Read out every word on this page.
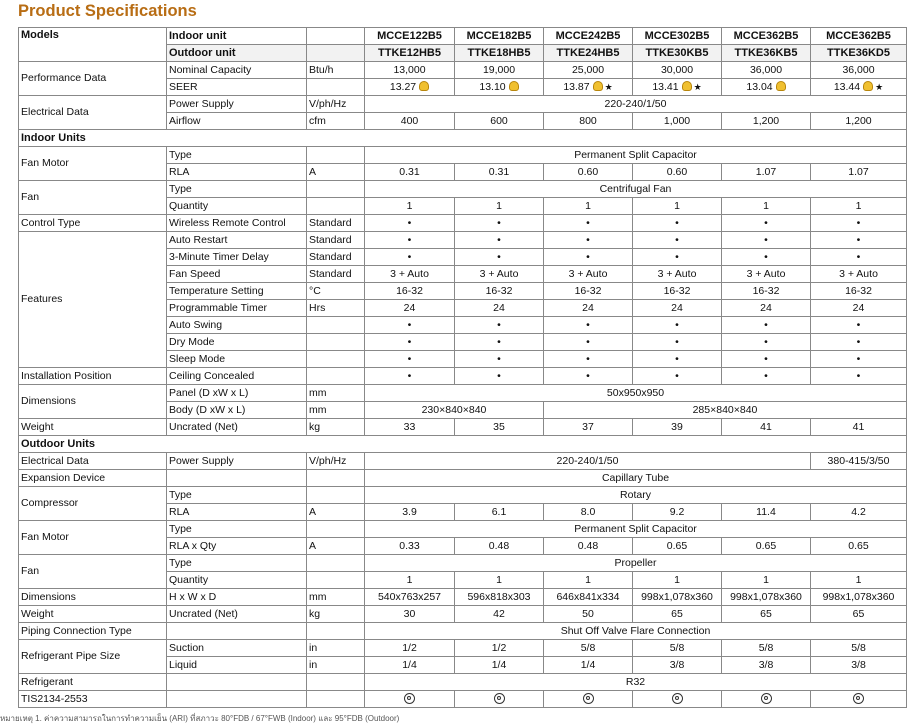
Product Specifications
Models	Indoor unit		MCCE122B5	MCCE182B5	MCCE242B5	MCCE302B5	MCCE362B5	MCCE362B5
	Outdoor unit		TTKE12HB5	TTKE18HB5	TTKE24HB5	TTKE30KB5	TTKE36KB5	TTKE36KD5
Performance Data	Nominal Capacity	Btu/h	13,000	19,000	25,000	30,000	36,000	36,000
	SEER		13.27	13.10	13.87 ★	13.41 ★	13.04	13.44 ★
Electrical Data	Power Supply	V/ph/Hz	220-240/1/50					
	Airflow	cfm	400	600	800	1,000	1,200	1,200
Indoor Units								
Fan Motor	Type		Permanent Split Capacitor					
	RLA	A	0.31	0.31	0.60	0.60	1.07	1.07
Fan	Type		Centrifugal Fan					
	Quantity		1	1	1	1	1	1
Control Type	Wireless Remote Control	Standard	•	•	•	•	•	•
Features	Auto Restart	Standard	•	•	•	•	•	•
	3-Minute Timer Delay	Standard	•	•	•	•	•	•
	Fan Speed	Standard	3 + Auto	3 + Auto	3 + Auto	3 + Auto	3 + Auto	3 + Auto
	Temperature Setting	°C	16-32	16-32	16-32	16-32	16-32	16-32
	Programmable Timer	Hrs	24	24	24	24	24	24
	Auto Swing		•	•	•	•	•	•
	Dry Mode		•	•	•	•	•	•
	Sleep Mode		•	•	•	•	•	•
Installation Position	Ceiling Concealed		•	•	•	•	•	•
Dimensions	Panel (D xW x L)	mm	50x950x950					
	Body (D xW x L)	mm	230×840×840		285×840×840			
Weight	Uncrated (Net)	kg	33	35	37	39	41	41
Outdoor Units								
Electrical Data	Power Supply	V/ph/Hz	220-240/1/50					380-415/3/50
Expansion Device			Capillary Tube					
Compressor	Type		Rotary					
	RLA	A	3.9	6.1	8.0	9.2	11.4	4.2
Fan Motor	Type		Permanent Split Capacitor					
	RLA x Qty	A	0.33	0.48	0.48	0.65	0.65	0.65
Fan	Type		Propeller					
	Quantity		1	1	1	1	1	1
Dimensions	H x W x D	mm	540x763x257	596x818x303	646x841x334	998x1,078x360	998x1,078x360	998x1,078x360
Weight	Uncrated (Net)	kg	30	42	50	65	65	65
Piping Connection Type			Shut Off Valve Flare Connection					
Refrigerant Pipe Size	Suction	in	1/2	1/2	5/8	5/8	5/8	5/8
	Liquid	in	1/4	1/4	1/4	3/8	3/8	3/8
Refrigerant			R32					
TIS2134-2553								
หมายเหตุ 1. ค่าความสามารถในการทำความเย็น (ARI) ที่สภาวะ 80°FDB / 67°FWB (Indoor) และ 95°FDB (Outdoor)
